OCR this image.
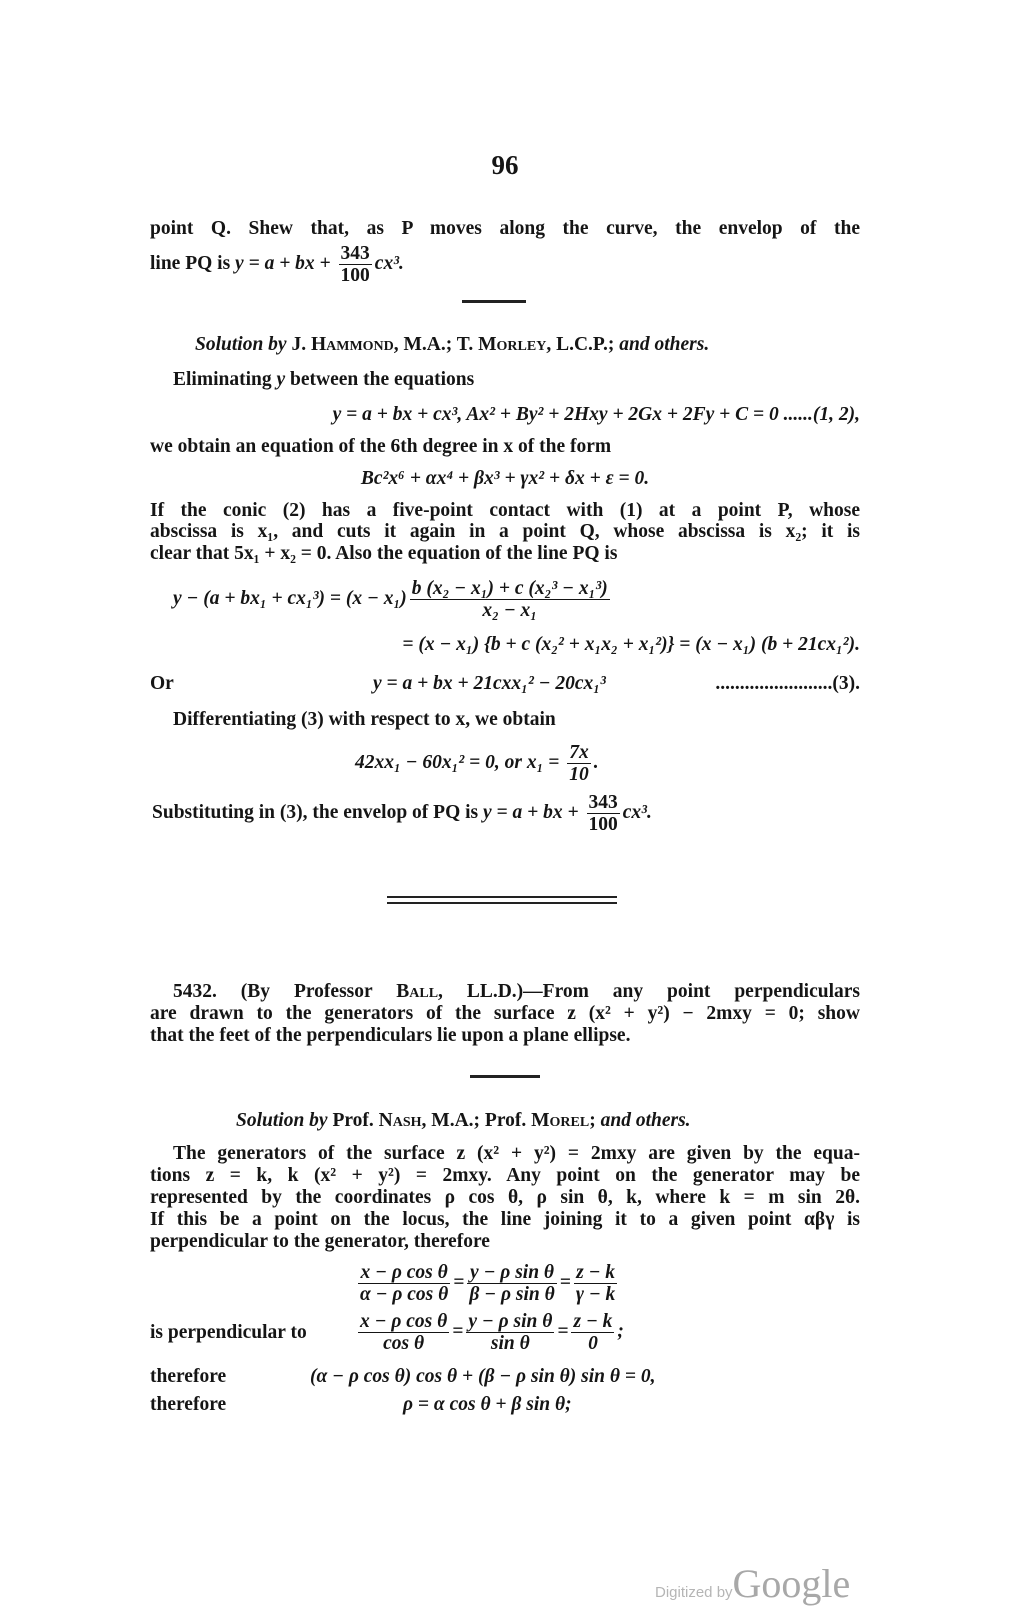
96
point Q. Shew that, as P moves along the curve, the envelop of the
line PQ is y = a + bx + $\frac{343}{100} cx^3$.
Solution by J. Hammond, M.A.; T. Morley, L.C.P.; and others.
Eliminating y between the equations
y = a + bx + cx³, Ax² + By² + 2Hxy + 2Gx + 2Fy + C = 0 ......(1, 2),
we obtain an equation of the 6th degree in x of the form
Bc²x⁶ + αx⁴ + βx³ + γx² + δx + ε = 0.
If the conic (2) has a five-point contact with (1) at a point P, whose
abscissa is x₁, and cuts it again in a point Q, whose abscissa is x₂; it is
clear that 5x₁ + x₂ = 0. Also the equation of the line PQ is
$y - (a + bx_1 + cx_1^3) = (x - x_1) \frac{\text{b (x₂ − x₁) + c (x₂³ − x₁³)}}{\text{x₂ − x₁}}$
= (x − x₁) {b + c (x₂² + x₁x₂ + x₁²)} = (x − x₁) (b + 21cx₁²).
Or	y = a + bx + 21cxx₁² − 20cx₁³	........................(3).
Differentiating (3) with respect to x, we obtain
42xx₁ − 60x₁² = 0, or $x_1 = \frac{7x}{10}$ .
Substituting in (3), the envelop of PQ is y = a + bx + $\frac{343}{100} cx^3$.
5432. (By Professor Ball, LL.D.)—From any point perpendiculars
are drawn to the generators of the surface z (x² + y²) − 2mxy = 0; show
that the feet of the perpendiculars lie upon a plane ellipse.
Solution by Prof. Nash, M.A.; Prof. Morel; and others.
The generators of the surface z (x² + y²) = 2mxy are given by the equa-
tions z = k, k (x² + y²) = 2mxy. Any point on the generator may be
represented by the coordinates ρ cos θ, ρ sin θ, k, where k = m sin 2θ.
If this be a point on the locus, the line joining it to a given point αβγ is
perpendicular to the generator, therefore
$\frac{\text{x − ρ cos θ}}{\text{α − ρ cos θ}} = \frac{\text{y − ρ sin θ}}{\text{β − ρ sin θ}} = \frac{z - k}{\gamma - k}$
is perpendicular to	$\frac{\text{x − ρ cos θ}}{\text{cos θ}} = \frac{\text{y − ρ sin θ}}{\text{sin θ}} = \frac{z - k}{0}$ ;
therefore	(α − ρ cos θ) cos θ + (β − ρ sin θ) sin θ = 0,
therefore	ρ = α cos θ + β sin θ;
Digitized byGoogle
